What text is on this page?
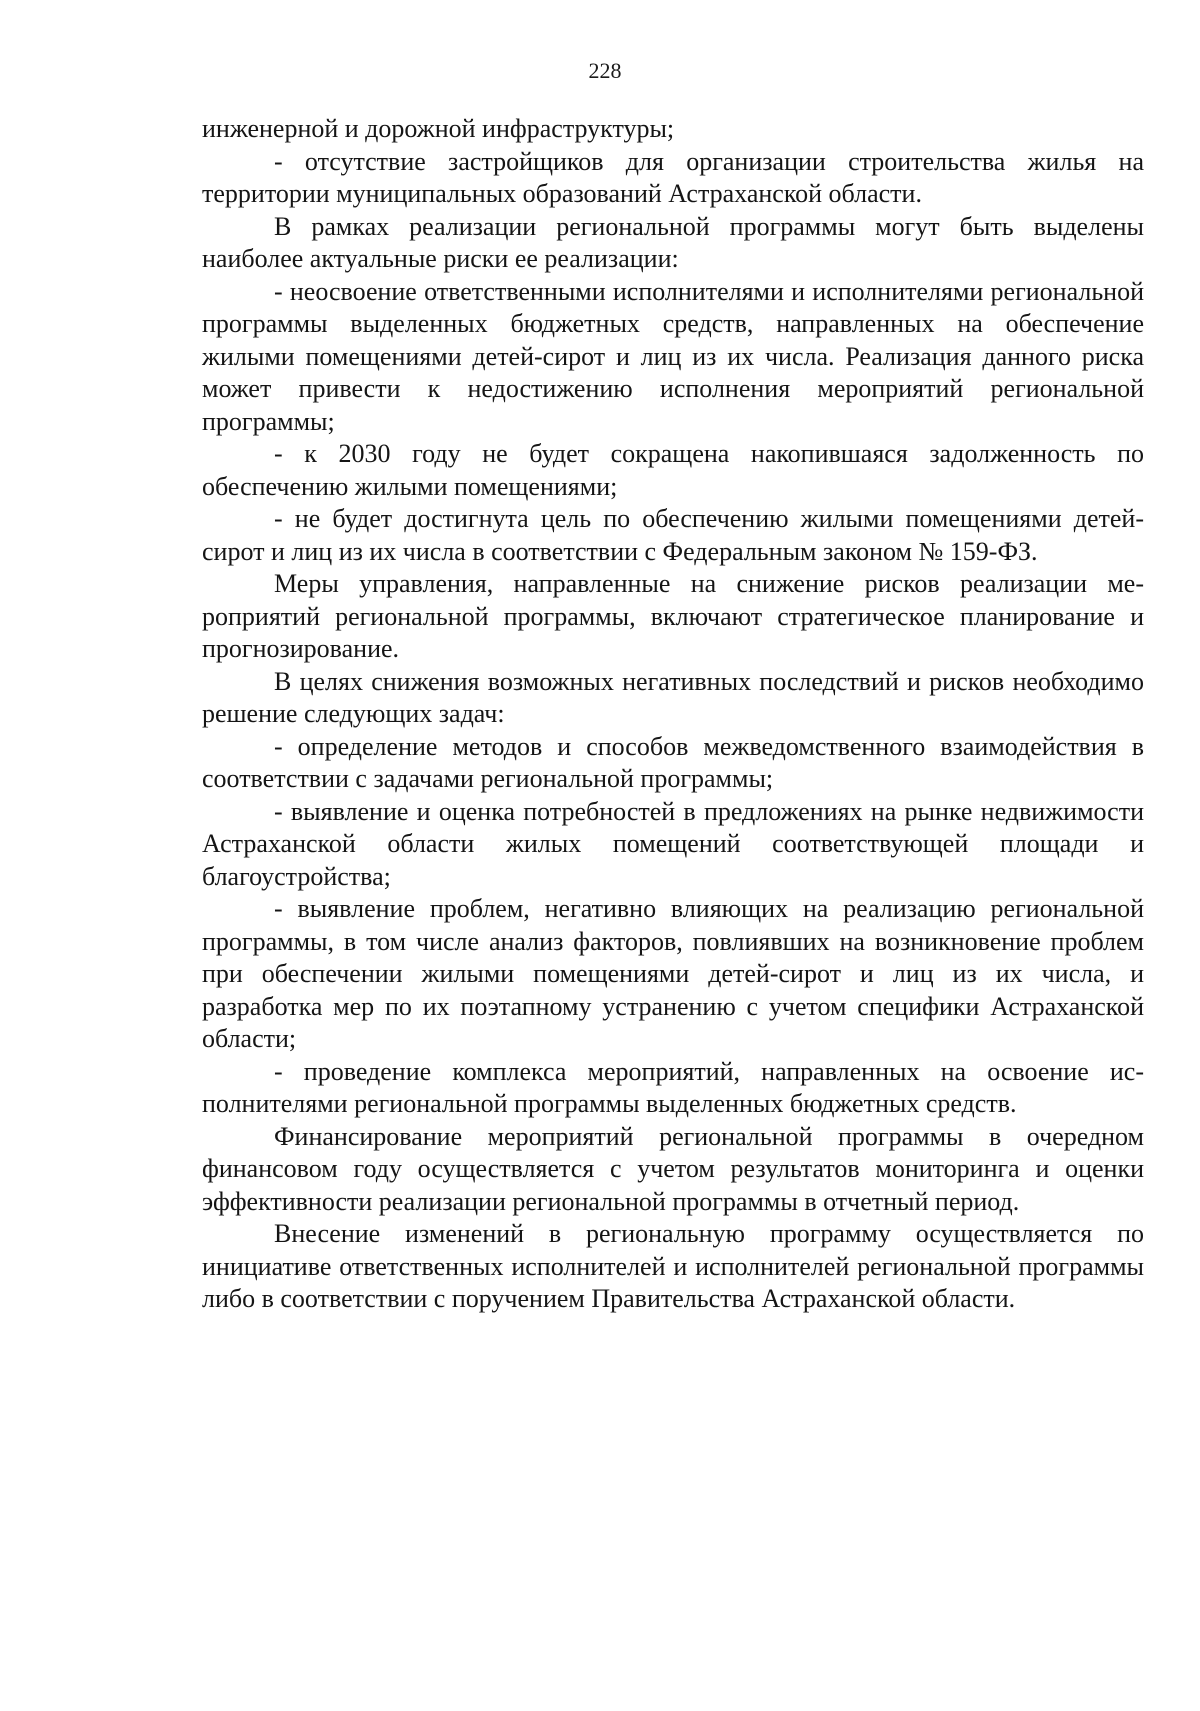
228

инженерной и дорожной инфраструктуры;

- отсутствие застройщиков для организации строительства жилья на территории муниципальных образований Астраханской области.

В рамках реализации региональной программы могут быть выделены наиболее актуальные риски ее реализации:

- неосвоение ответственными исполнителями и исполнителями региональной программы выделенных бюджетных средств, направленных на обеспечение жилыми помещениями детей-сирот и лиц из их числа. Реализация данного риска может привести к недостижению исполнения мероприятий региональной программы;

- к 2030 году не будет сокращена накопившаяся задолженность по обеспечению жилыми помещениями;

- не будет достигнута цель по обеспечению жилыми помещениями детей-сирот и лиц из их числа в соответствии с Федеральным законом № 159-ФЗ.

Меры управления, направленные на снижение рисков реализации мероприятий региональной программы, включают стратегическое планирование и прогнозирование.

В целях снижения возможных негативных последствий и рисков необходимо решение следующих задач:

- определение методов и способов межведомственного взаимодействия в соответствии с задачами региональной программы;

- выявление и оценка потребностей в предложениях на рынке недвижимости Астраханской области жилых помещений соответствующей площади и благоустройства;

- выявление проблем, негативно влияющих на реализацию региональной программы, в том числе анализ факторов, повлиявших на возникновение проблем при обеспечении жилыми помещениями детей-сирот и лиц из их числа, и разработка мер по их поэтапному устранению с учетом специфики Астраханской области;

- проведение комплекса мероприятий, направленных на освоение исполнителями региональной программы выделенных бюджетных средств.

Финансирование мероприятий региональной программы в очередном финансовом году осуществляется с учетом результатов мониторинга и оценки эффективности реализации региональной программы в отчетный период.

Внесение изменений в региональную программу осуществляется по инициативе ответственных исполнителей и исполнителей региональной программы либо в соответствии с поручением Правительства Астраханской области.
